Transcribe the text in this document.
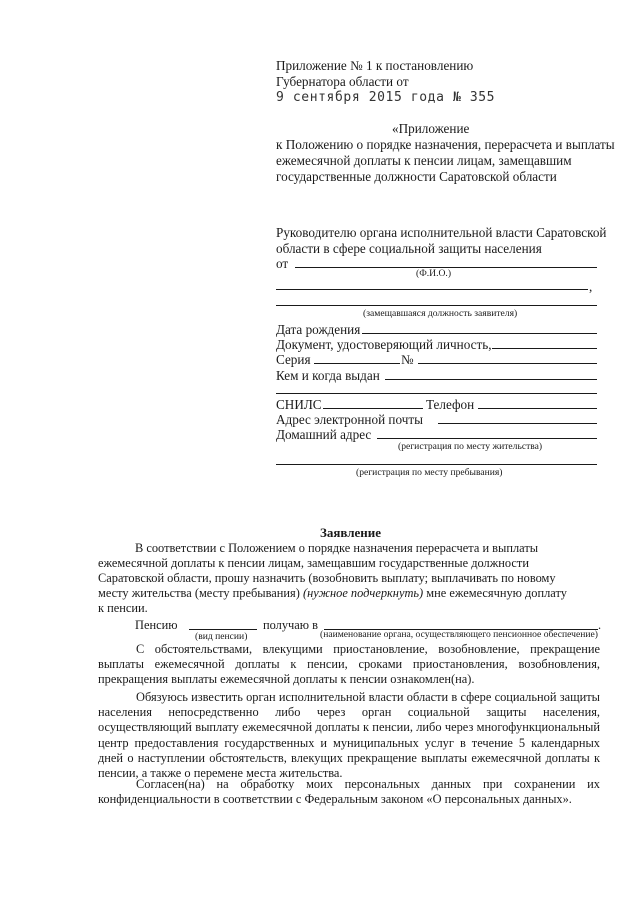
Приложение № 1 к постановлению
Губернатора области от
9 сентября 2015 года № 355
«Приложение
к Положению о порядке назначения, перерасчета и выплаты
ежемесячной доплаты к пенсии лицам, замещавшим
государственные должности Саратовской области
Руководителю органа исполнительной власти Саратовской
области в сфере социальной защиты населения
от
(Ф.И.О.)
,
(замещавшаяся должность заявителя)
Дата рождения
Документ, удостоверяющий личность,
Серия	№
Кем и когда выдан
СНИЛС	Телефон
Адрес электронной почты
Домашний адрес
(регистрация по месту жительства)
(регистрация по месту пребывания)
Заявление
В соответствии с Положением о порядке назначения перерасчета и выплаты
ежемесячной доплаты к пенсии лицам, замещавшим государственные должности
Саратовской области, прошу назначить (возобновить выплату; выплачивать по новому
месту жительства (месту пребывания) (нужное подчеркнуть) мне ежемесячную доплату
к пенсии.
Пенсию	получаю в	.
(вид пенсии)	(наименование органа, осуществляющего пенсионное обеспечение)
С обстоятельствами, влекущими приостановление, возобновление, прекращение выплаты ежемесячной доплаты к пенсии, сроками приостановления, возобновления, прекращения выплаты ежемесячной доплаты к пенсии ознакомлен(на).
Обязуюсь известить орган исполнительной власти области в сфере социальной защиты населения непосредственно либо через орган социальной защиты населения, осуществляющий выплату ежемесячной доплаты к пенсии, либо через многофункциональный центр предоставления государственных и муниципальных услуг в течение 5 календарных дней о наступлении обстоятельств, влекущих прекращение выплаты ежемесячной доплаты к пенсии, а также о перемене места жительства.
Согласен(на) на обработку моих персональных данных при сохранении их конфиденциальности в соответствии с Федеральным законом «О персональных данных».
